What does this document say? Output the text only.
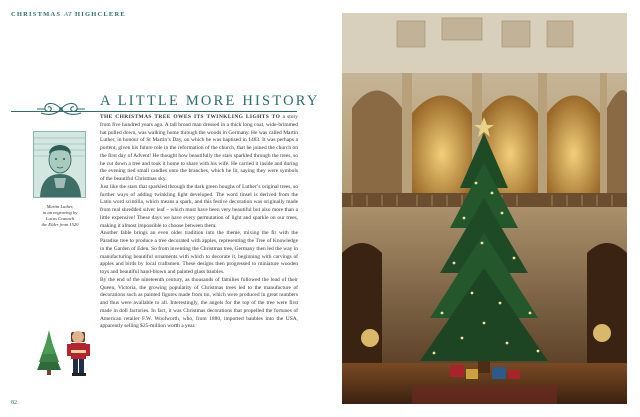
CHRISTMAS AT HIGHCLERE
A LITTLE MORE HISTORY
Martin Luther,
in an engraving by
Lucas Cranach
the Elder from 1520

THE CHRISTMAS TREE OWES ITS TWINKLING LIGHTS TO a story from five hundred years ago. A tall broad man dressed in a thick long coat, wide-brimmed hat pulled down, was walking home through the woods in Germany. He was called Martin Luther, in honour of St Martin’s Day, on which he was baptised in 1483. It was perhaps a portent, given his future role in the reformation of the church, that he joined the church on the first day of Advent! He thought how beautifully the stars sparkled through the trees, so he cut down a tree and took it home to share with his wife. He carried it inside and during the evening tied small candles onto the branches, which he lit, saying they were symbols of the beautiful Christmas sky.

Just like the stars that sparkled through the dark green boughs of Luther’s original trees, so further ways of adding twinkling light developed. The word tinsel is derived from the Latin word scintilla, which means a spark, and this festive decoration was originally made from real shredded silver leaf – which must have been very beautiful but also more than a little expensive! These days we have every permutation of light and sparkle on our trees, making it almost impossible to choose between them.

Another fable brings an even older tradition into the theme, mixing the fir with the Paradise tree to produce a tree decorated with apples, representing the Tree of Knowledge in the Garden of Eden. So from inventing the Christmas tree, Germany then led the way in manufacturing beautiful ornaments with which to decorate it, beginning with carvings of apples and birds by local craftsmen. These designs then progressed to miniature wooden toys and beautiful hand-blown and painted glass baubles.

By the end of the nineteenth century, as thousands of families followed the lead of their Queen, Victoria, the growing popularity of Christmas trees led to the manufacture of decorations such as painted figures made from tin, which were produced in great numbers and thus were available to all. Interestingly, the angels for the top of the tree were first made in doll factories. In fact, it was Christmas decorations that propelled the fortunes of American retailer F.W. Woolworth, who, from 1880, imported baubles into the USA, apparently selling $25-million worth a year.

82
